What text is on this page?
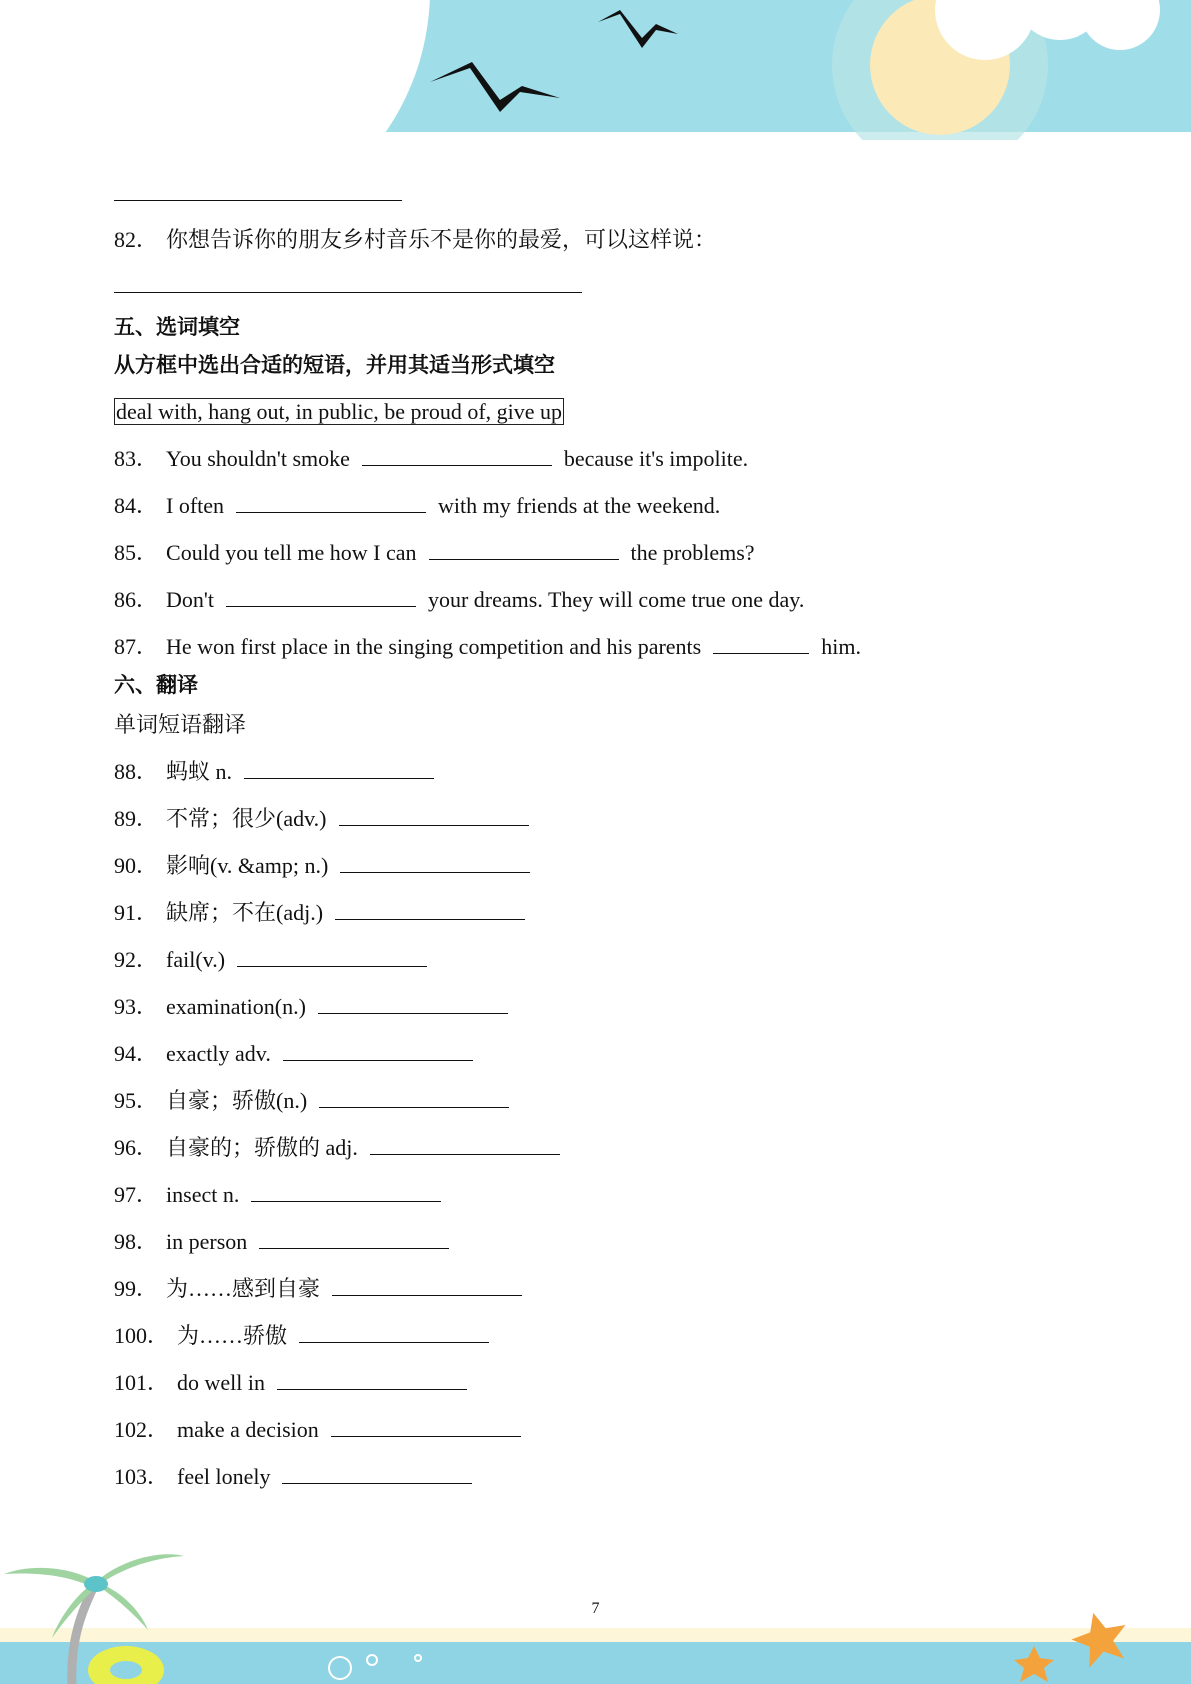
82． 你想告诉你的朋友乡村音乐不是你的最爱，可以这样说：
五、选词填空
从方框中选出合适的短语，并用其适当形式填空
deal with, hang out, in public, be proud of, give up
83． You shouldn't smoke	because it's impolite.
84． I often	with my friends at the weekend.
85． Could you tell me how I can	the problems?
86． Don't	your dreams. They will come true one day.
87． He won first place in the singing competition and his parents	him.
六、翻译
单词短语翻译
88． 蚂蚁 n.
89． 不常；很少(adv.)
90． 影响(v. &amp; n.)
91． 缺席；不在(adj.)
92． fail(v.)
93． examination(n.)
94． exactly adv.
95． 自豪；骄傲(n.)
96． 自豪的；骄傲的 adj.
97． insect n.
98． in person
99． 为……感到自豪
100． 为……骄傲
101． do well in
102． make a decision
103． feel lonely
7
